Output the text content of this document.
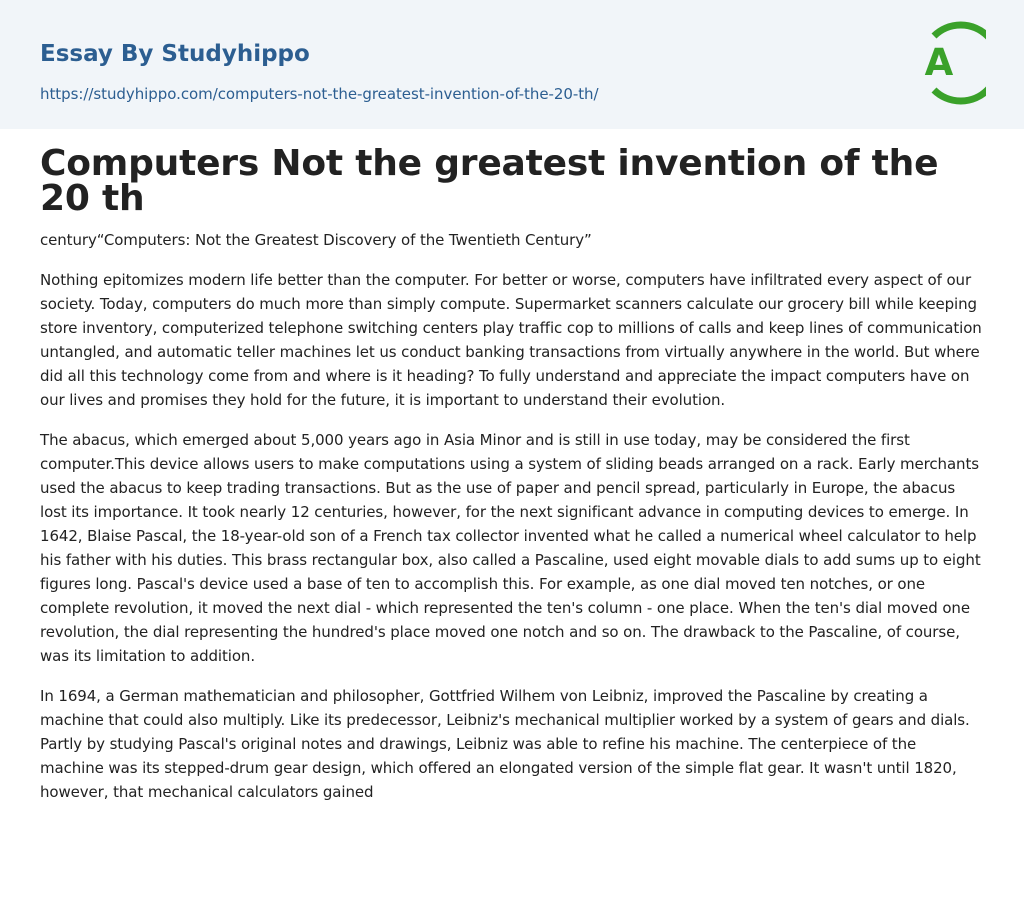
Essay By Studyhippo
https://studyhippo.com/computers-not-the-greatest-invention-of-the-20-th/
A
Computers Not the greatest invention of the 20 th

century“Computers: Not the Greatest Discovery of the Twentieth Century”

Nothing epitomizes modern life better than the computer. For better or worse, computers have infiltrated every aspect of our society. Today, computers do much more than simply compute. Supermarket scanners calculate our grocery bill while keeping store inventory, computerized telephone switching centers play traffic cop to millions of calls and keep lines of communication untangled, and automatic teller machines let us conduct banking transactions from virtually anywhere in the world. But where did all this technology come from and where is it heading? To fully understand and appreciate the impact computers have on our lives and promises they hold for the future, it is important to understand their evolution.

The abacus, which emerged about 5,000 years ago in Asia Minor and is still in use today, may be considered the first computer.This device allows users to make computations using a system of sliding beads arranged on a rack. Early merchants used the abacus to keep trading transactions. But as the use of paper and pencil spread, particularly in Europe, the abacus lost its importance. It took nearly 12 centuries, however, for the next significant advance in computing devices to emerge. In 1642, Blaise Pascal, the 18-year-old son of a French tax collector invented what he called a numerical wheel calculator to help his father with his duties. This brass rectangular box, also called a Pascaline, used eight movable dials to add sums up to eight figures long. Pascal's device used a base of ten to accomplish this. For example, as one dial moved ten notches, or one complete revolution, it moved the next dial - which represented the ten's column - one place. When the ten's dial moved one revolution, the dial representing the hundred's place moved one notch and so on. The drawback to the Pascaline, of course, was its limitation to addition.

In 1694, a German mathematician and philosopher, Gottfried Wilhem von Leibniz, improved the Pascaline by creating a machine that could also multiply. Like its predecessor, Leibniz's mechanical multiplier worked by a system of gears and dials. Partly by studying Pascal's original notes and drawings, Leibniz was able to refine his machine. The centerpiece of the machine was its stepped-drum gear design, which offered an elongated version of the simple flat gear. It wasn't until 1820, however, that mechanical calculators gained
